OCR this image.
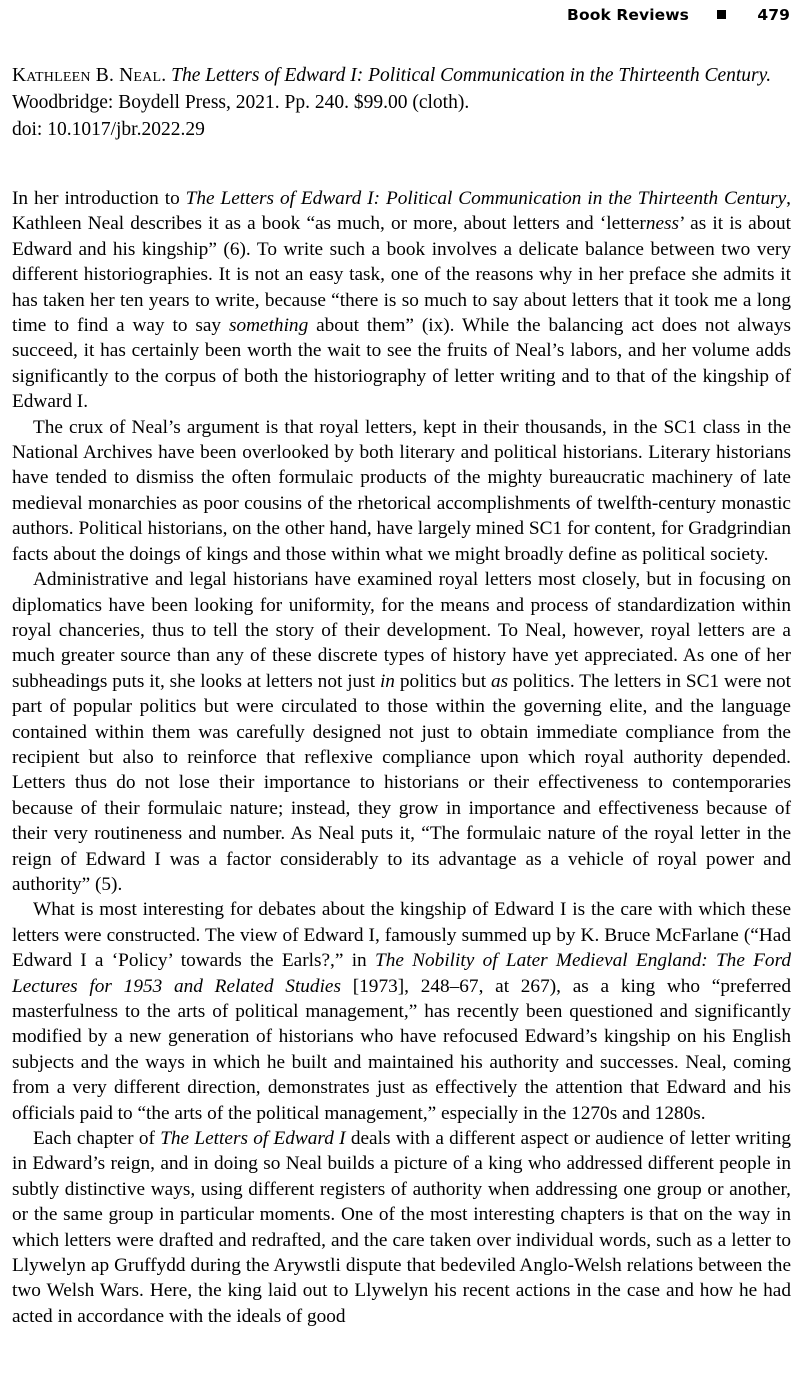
Book Reviews	479
Kathleen B. Neal. The Letters of Edward I: Political Communication in the Thirteenth Century.
Woodbridge: Boydell Press, 2021. Pp. 240. $99.00 (cloth).
doi: 10.1017/jbr.2022.29

In her introduction to The Letters of Edward I: Political Communication in the Thirteenth Century, Kathleen Neal describes it as a book “as much, or more, about letters and ‘letterness’ as it is about Edward and his kingship” (6). To write such a book involves a delicate balance between two very different historiographies. It is not an easy task, one of the reasons why in her preface she admits it has taken her ten years to write, because “there is so much to say about letters that it took me a long time to find a way to say something about them” (ix). While the balancing act does not always succeed, it has certainly been worth the wait to see the fruits of Neal’s labors, and her volume adds significantly to the corpus of both the historiography of letter writing and to that of the kingship of Edward I.

The crux of Neal’s argument is that royal letters, kept in their thousands, in the SC1 class in the National Archives have been overlooked by both literary and political historians. Literary historians have tended to dismiss the often formulaic products of the mighty bureaucratic machinery of late medieval monarchies as poor cousins of the rhetorical accomplishments of twelfth-century monastic authors. Political historians, on the other hand, have largely mined SC1 for content, for Gradgrindian facts about the doings of kings and those within what we might broadly define as political society.

Administrative and legal historians have examined royal letters most closely, but in focusing on diplomatics have been looking for uniformity, for the means and process of standardization within royal chanceries, thus to tell the story of their development. To Neal, however, royal letters are a much greater source than any of these discrete types of history have yet appreciated. As one of her subheadings puts it, she looks at letters not just in politics but as politics. The letters in SC1 were not part of popular politics but were circulated to those within the governing elite, and the language contained within them was carefully designed not just to obtain immediate compliance from the recipient but also to reinforce that reflexive compliance upon which royal authority depended. Letters thus do not lose their importance to historians or their effectiveness to contemporaries because of their formulaic nature; instead, they grow in importance and effectiveness because of their very routineness and number. As Neal puts it, “The formulaic nature of the royal letter in the reign of Edward I was a factor considerably to its advantage as a vehicle of royal power and authority” (5).

What is most interesting for debates about the kingship of Edward I is the care with which these letters were constructed. The view of Edward I, famously summed up by K. Bruce McFarlane (“Had Edward I a ‘Policy’ towards the Earls?,” in The Nobility of Later Medieval England: The Ford Lectures for 1953 and Related Studies [1973], 248–67, at 267), as a king who “preferred masterfulness to the arts of political management,” has recently been questioned and significantly modified by a new generation of historians who have refocused Edward’s kingship on his English subjects and the ways in which he built and maintained his authority and successes. Neal, coming from a very different direction, demonstrates just as effectively the attention that Edward and his officials paid to “the arts of the political management,” especially in the 1270s and 1280s.

Each chapter of The Letters of Edward I deals with a different aspect or audience of letter writing in Edward’s reign, and in doing so Neal builds a picture of a king who addressed different people in subtly distinctive ways, using different registers of authority when addressing one group or another, or the same group in particular moments. One of the most interesting chapters is that on the way in which letters were drafted and redrafted, and the care taken over individual words, such as a letter to Llywelyn ap Gruffydd during the Arywstli dispute that bedeviled Anglo-Welsh relations between the two Welsh Wars. Here, the king laid out to Llywelyn his recent actions in the case and how he had acted in accordance with the ideals of good
